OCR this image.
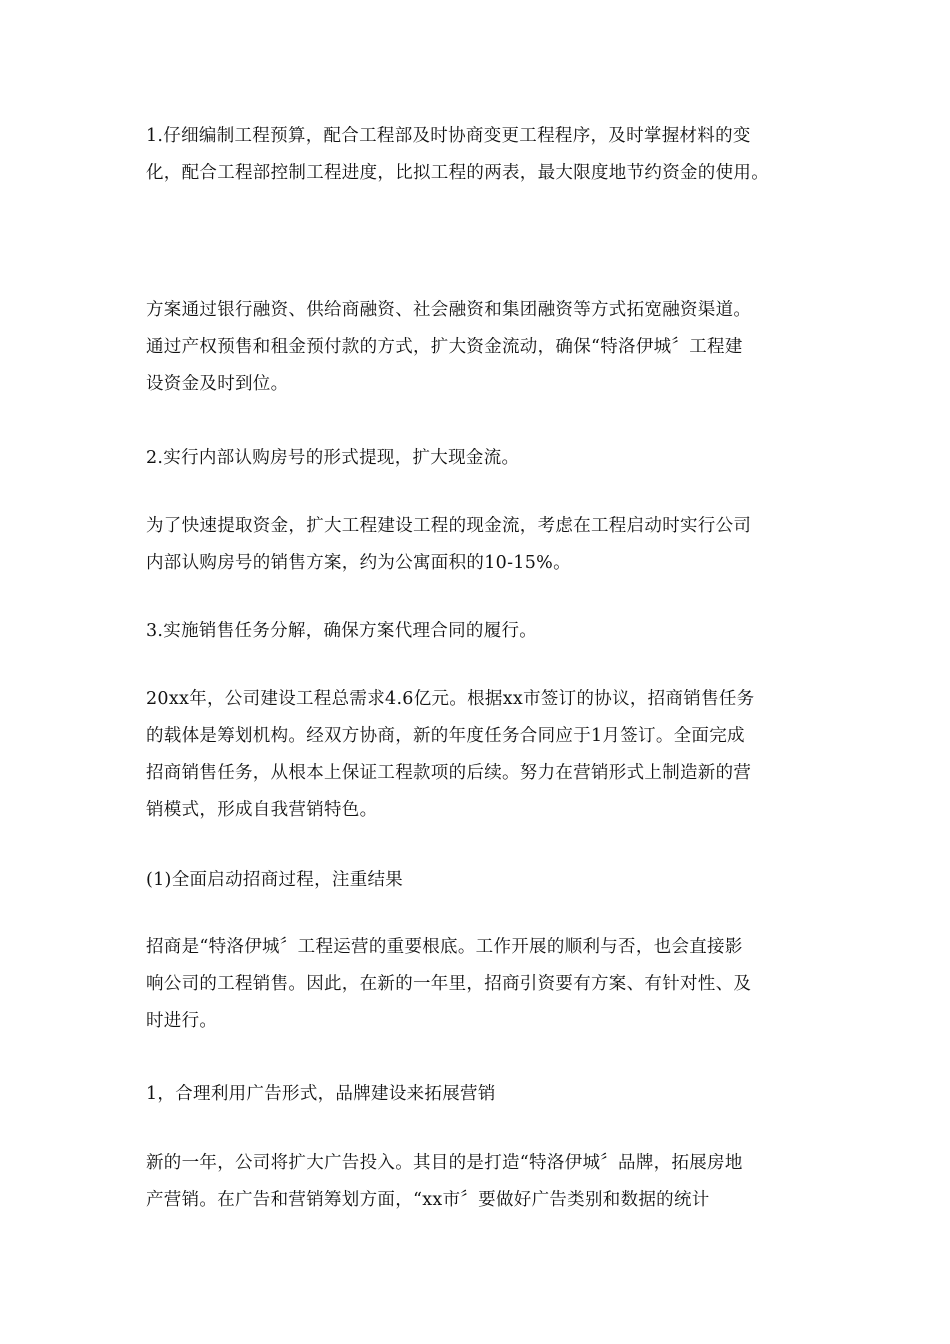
1.仔细编制工程预算，配合工程部及时协商变更工程程序，及时掌握材料的变
化，配合工程部控制工程进度，比拟工程的两表，最大限度地节约资金的使用。

方案通过银行融资、供给商融资、社会融资和集团融资等方式拓宽融资渠道。
通过产权预售和租金预付款的方式，扩大资金流动，确保“特洛伊城〞工程建
设资金及时到位。

2.实行内部认购房号的形式提现，扩大现金流。

为了快速提取资金，扩大工程建设工程的现金流，考虑在工程启动时实行公司
内部认购房号的销售方案，约为公寓面积的10-15%。

3.实施销售任务分解，确保方案代理合同的履行。

20xx年，公司建设工程总需求4.6亿元。根据xx市签订的协议，招商销售任务
的载体是筹划机构。经双方协商，新的年度任务合同应于1月签订。全面完成
招商销售任务，从根本上保证工程款项的后续。努力在营销形式上制造新的营
销模式，形成自我营销特色。

(1)全面启动招商过程，注重结果

招商是“特洛伊城〞工程运营的重要根底。工作开展的顺利与否，也会直接影
响公司的工程销售。因此，在新的一年里，招商引资要有方案、有针对性、及
时进行。

1，合理利用广告形式，品牌建设来拓展营销

新的一年，公司将扩大广告投入。其目的是打造“特洛伊城〞品牌，拓展房地
产营销。在广告和营销筹划方面，“xx市〞要做好广告类别和数据的统计
